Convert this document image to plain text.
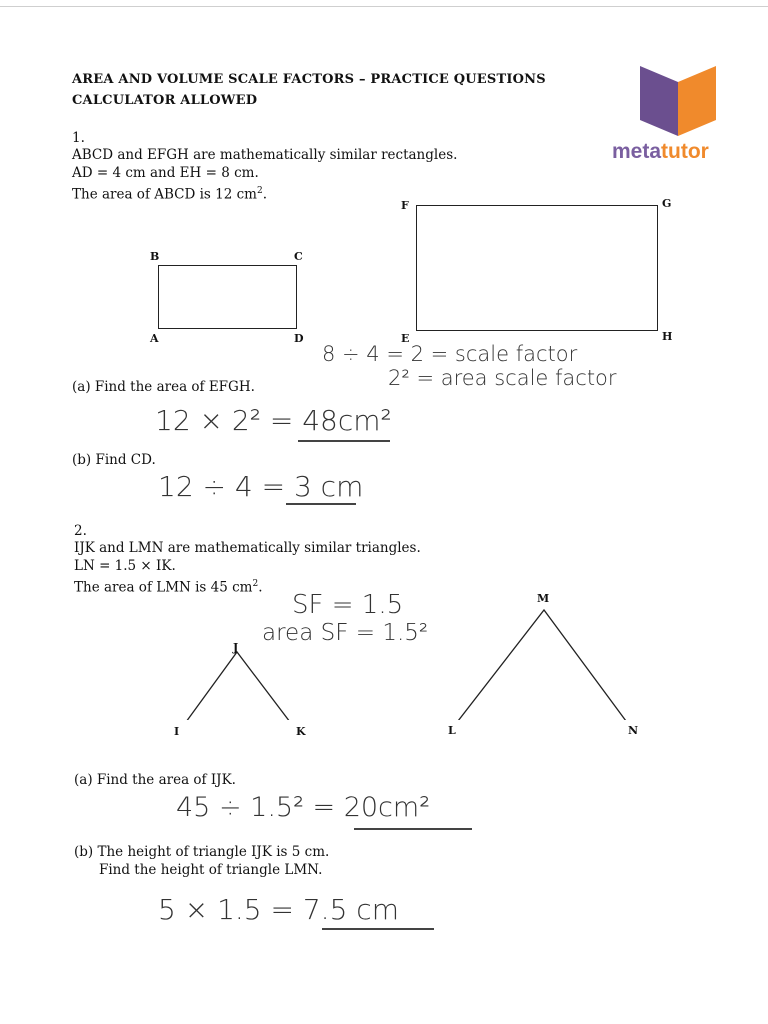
AREA AND VOLUME SCALE FACTORS – PRACTICE QUESTIONS
CALCULATOR ALLOWED
metatutor
1.
ABCD and EFGH are mathematically similar rectangles.
AD = 4 cm and EH = 8 cm.
The area of ABCD is 12 $cm^2$.
B	C
A	D
F	G
E	H
8 ÷ 4 = 2 = scale factor
2² = area scale factor
(a) Find the area of EFGH.
12 × 2² = 48cm²
(b) Find CD.
12 ÷ 4 = 3 cm
2.
IJK and LMN are mathematically similar triangles.
LN = 1.5 × IK.
The area of LMN is 45 $cm^2$.
SF = 1.5
area SF = 1.5²
J
I	K
M
L	N
(a) Find the area of IJK.
45 ÷ 1.5² = 20cm²
(b) The height of triangle IJK is 5 cm.
Find the height of triangle LMN.
5 × 1.5 = 7.5 cm
